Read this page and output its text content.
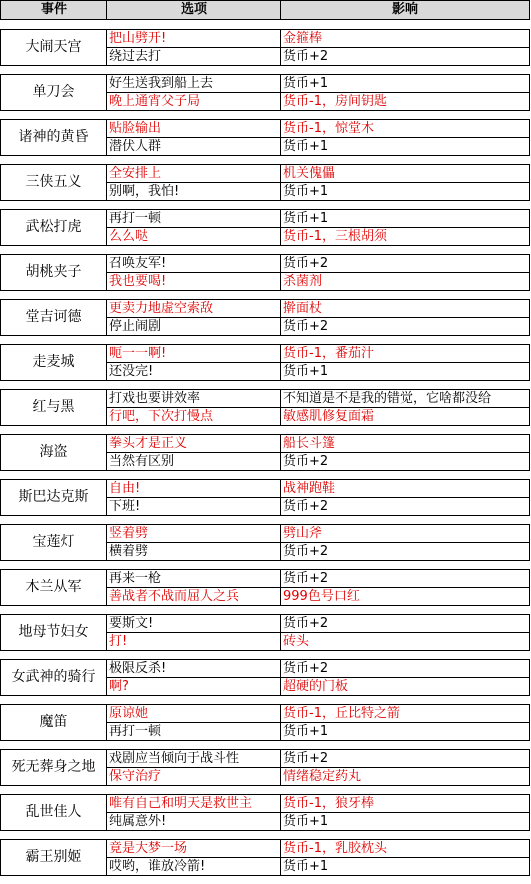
事件	选项	影响
大闹天宫
把山劈开!
绕过去打
金箍棒
货币+2
单刀会
好生送我到船上去
晚上通宵父子局
货币+1
货币-1，房间钥匙
诸神的黄昏
贴脸输出
潜伏人群
货币-1，惊堂木
货币+1
三侠五义
全安排上
别啊，我怕!
机关傀儡
货币+1
武松打虎
再打一顿
么么哒
货币+1
货币-1，三根胡须
胡桃夹子
召唤友军!
我也要喝!
货币+2
杀菌剂
堂吉诃德
更卖力地虚空索敌
停止闹剧
擀面杖
货币+2
走麦城
呃一一啊!
还没完!
货币-1，番茄汁
货币+1
红与黑
打戏也要讲效率
行吧，下次打慢点
不知道是不是我的错觉，它啥都没给
敏感肌修复面霜
海盗
拳头才是正义
当然有区别
船长斗篷
货币+2
斯巴达克斯
自由!
下班!
战神跑鞋
货币+2
宝莲灯
竖着劈
横着劈
劈山斧
货币+2
木兰从军
再来一枪
善战者不战而屈人之兵
货币+2
999色号口红
地母节妇女
要斯文!
打!
货币+2
砖头
女武神的骑行
极限反杀!
啊?
货币+2
超硬的门板
魔笛
原谅她
再打一顿
货币-1，丘比特之箭
货币+1
死无葬身之地
戏剧应当倾向于战斗性
保守治疗
货币+2
情绪稳定药丸
乱世佳人
唯有自己和明天是救世主
纯属意外!
货币-1，狼牙棒
货币+1
霸王别姬
竟是大梦一场
哎哟，谁放冷箭!
货币-1，乳胶枕头
货币+1
